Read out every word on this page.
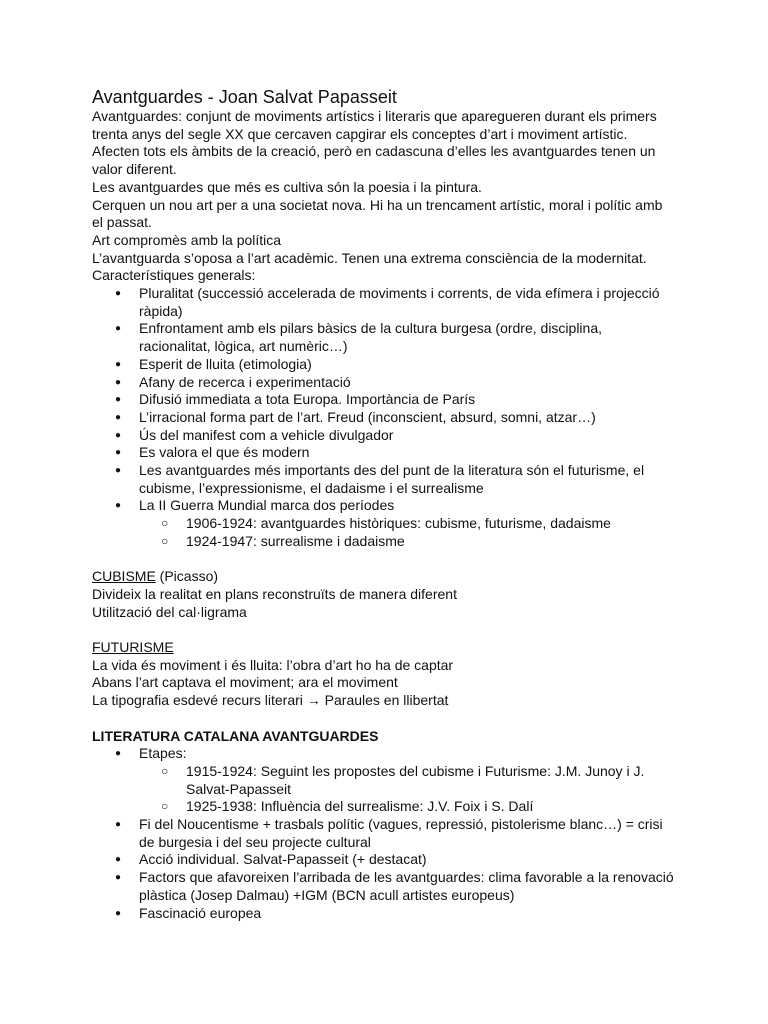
Avantguardes - Joan Salvat Papasseit

Avantguardes: conjunt de moviments artístics i literaris que aparegueren durant els primers trenta anys del segle XX que cercaven capgirar els conceptes d’art i moviment artístic.

Afecten tots els àmbits de la creació, però en cadascuna d’elles les avantguardes tenen un valor diferent.

Les avantguardes que més es cultiva són la poesia i la pintura.

Cerquen un nou art per a una societat nova. Hi ha un trencament artístic, moral i polític amb el passat.

Art compromès amb la política

L’avantguarda s’oposa a l’art acadèmic. Tenen una extrema consciència de la modernitat.

Característiques generals:

● Pluralitat (successió accelerada de moviments i corrents, de vida efímera i projecció ràpida)
● Enfrontament amb els pilars bàsics de la cultura burgesa (ordre, disciplina, racionalitat, lògica, art numèric…)
● Esperit de lluita (etimologia)
● Afany de recerca i experimentació
● Difusió immediata a tota Europa. Importància de París
● L’irracional forma part de l’art. Freud (inconscient, absurd, somni, atzar…)
● Ús del manifest com a vehicle divulgador
● Es valora el que és modern
● Les avantguardes més importants des del punt de la literatura són el futurisme, el cubisme, l’expressionisme, el dadaisme i el surrealisme
● La II Guerra Mundial marca dos períodes
○ 1906-1924: avantguardes històriques: cubisme, futurisme, dadaisme
○ 1924-1947: surrealisme i dadaisme

CUBISME (Picasso)

Divideix la realitat en plans reconstruïts de manera diferent

Utilització del cal·ligrama

FUTURISME

La vida és moviment i és lluita: l’obra d’art ho ha de captar

Abans l’art captava el moviment; ara el moviment

La tipografia esdevé recurs literari → Paraules en llibertat

LITERATURA CATALANA AVANTGUARDES

● Etapes:
○ 1915-1924: Seguint les propostes del cubisme i Futurisme: J.M. Junoy i J. Salvat-Papasseit
○ 1925-1938: Influència del surrealisme: J.V. Foix i S. Dalí
● Fi del Noucentisme + trasbals polític (vagues, repressió, pistolerisme blanc…) = crisi de burgesia i del seu projecte cultural
● Acció individual. Salvat-Papasseit (+ destacat)
● Factors que afavoreixen l’arribada de les avantguardes: clima favorable a la renovació plàstica (Josep Dalmau) +IGM (BCN acull artistes europeus)
● Fascinació europea
